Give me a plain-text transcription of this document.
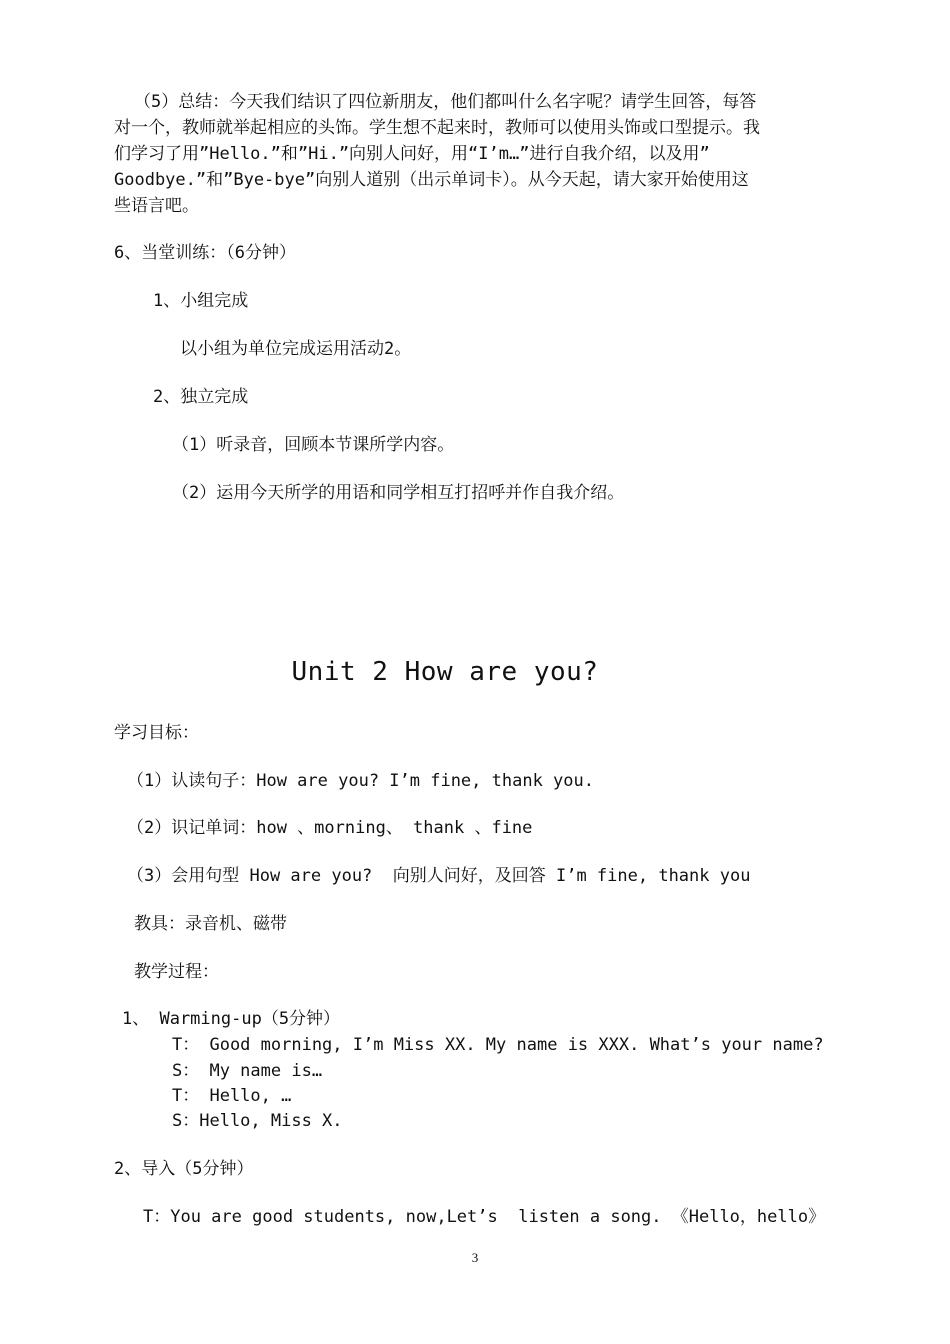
（5）总结：今天我们结识了四位新朋友，他们都叫什么名字呢？请学生回答，每答
对一个，教师就举起相应的头饰。学生想不起来时，教师可以使用头饰或口型提示。我
们学习了用”Hello.”和”Hi.”向别人问好，用“I’m…”进行自我介绍，以及用”
Goodbye.”和”Bye-bye”向别人道别（出示单词卡）。从今天起，请大家开始使用这
些语言吧。
6、当堂训练：（6分钟）
1、小组完成
以小组为单位完成运用活动2。
2、独立完成
（1）听录音，回顾本节课所学内容。
（2）运用今天所学的用语和同学相互打招呼并作自我介绍。
Unit 2 How are you?
学习目标：
（1）认读句子：How are you? I’m fine, thank you.
（2）识记单词：how 、morning、 thank 、fine
（3）会用句型 How are you?  向别人问好，及回答 I’m fine, thank you
教具：录音机、磁带
教学过程：
1、 Warming-up（5分钟）
T： Good morning, I’m Miss XX. My name is XXX. What’s your name?
S： My name is…
T： Hello, …
S：Hello, Miss X.
2、导入（5分钟）
T：You are good students, now,Let’s  listen a song. 《Hello，hello》
3
